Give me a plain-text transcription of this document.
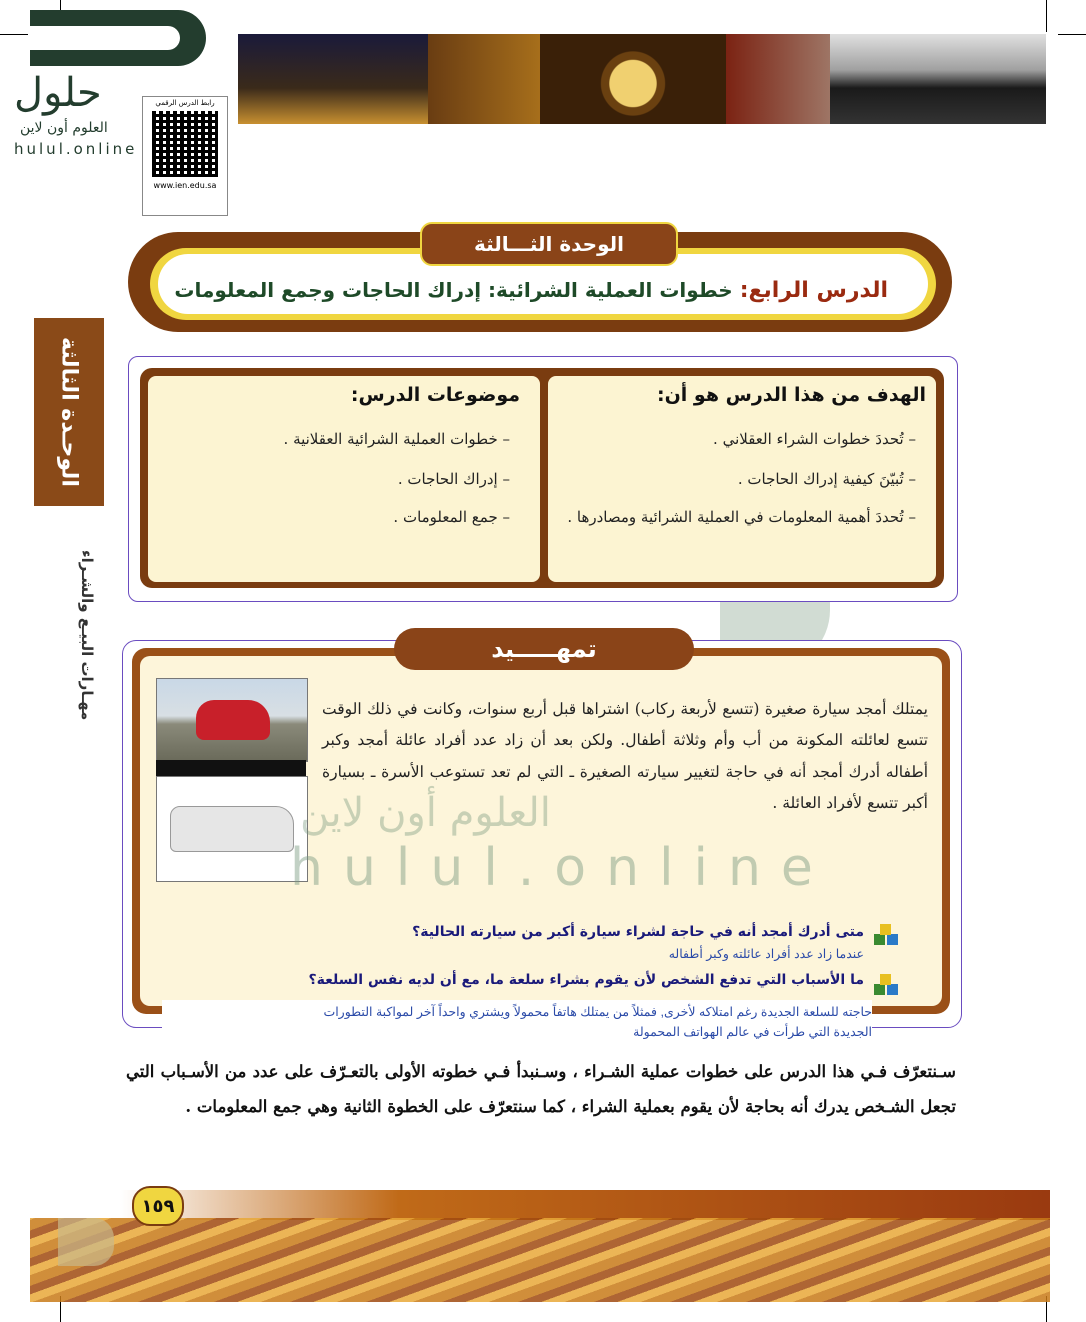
حلول
العلوم أون لاين
hulul.online
رابط الدرس الرقمي
www.ien.edu.sa
الوحـدة الثالثة
مهـارات البيـع والشـراء
الوحدة الثـــالثة
الدرس الرابع: خطوات العملية الشرائية: إدراك الحاجات وجمع المعلومات
الهدف من هذا الدرس هو أن:
– تُحددَ خطوات الشراء العقلاني .
– تُبيّنَ كيفية إدراك الحاجات .
– تُحددَ أهمية المعلومات في العملية الشرائية ومصادرها .
موضوعات الدرس:
– خطوات العملية الشرائية العقلانية .
– إدراك الحاجات .
– جمع المعلومات .
تمهـــــيد
يمتلك أمجد سيارة صغيرة (تتسع لأربعة ركاب) اشتراها قبل أربع سنوات، وكانت في ذلك الوقت تتسع لعائلته المكونة من أب وأم وثلاثة أطفال. ولكن بعد أن زاد عدد أفراد عائلة أمجد وكبر أطفاله أدرك أمجد أنه في حاجة لتغيير سيارته الصغيرة ـ التي لم تعد تستوعب الأسرة ـ بسيارة أكبر تتسع لأفراد العائلة .
العلوم أون لاين
hulul.online
متى أدرك أمجد أنه في حاجة لشراء سيارة أكبر من سيارته الحالية؟
عندما زاد عدد أفراد عائلته وكبر أطفاله
ما الأسباب التي تدفع الشخص لأن يقوم بشراء سلعة ما، مع أن لديه نفس السلعة؟
حاجته للسلعة الجديدة رغم امتلاكه لأخرى, فمثلاً من يمتلك هاتفاً محمولاً ويشتري واحداً آخر لمواكبة التطورات
الجديدة التي طرأت في عالم الهواتف المحمولة
سـنتعرّف فـي هذا الدرس على خطوات عملية الشـراء ، وسـنبدأ فـي خطوته الأولى بالتعـرّف على عدد من الأسـباب التي تجعل الشـخص يدرك أنه بحاجة لأن يقوم بعملية الشراء ، كما سنتعرّف على الخطوة الثانية وهي جمع المعلومات .
١٥٩
